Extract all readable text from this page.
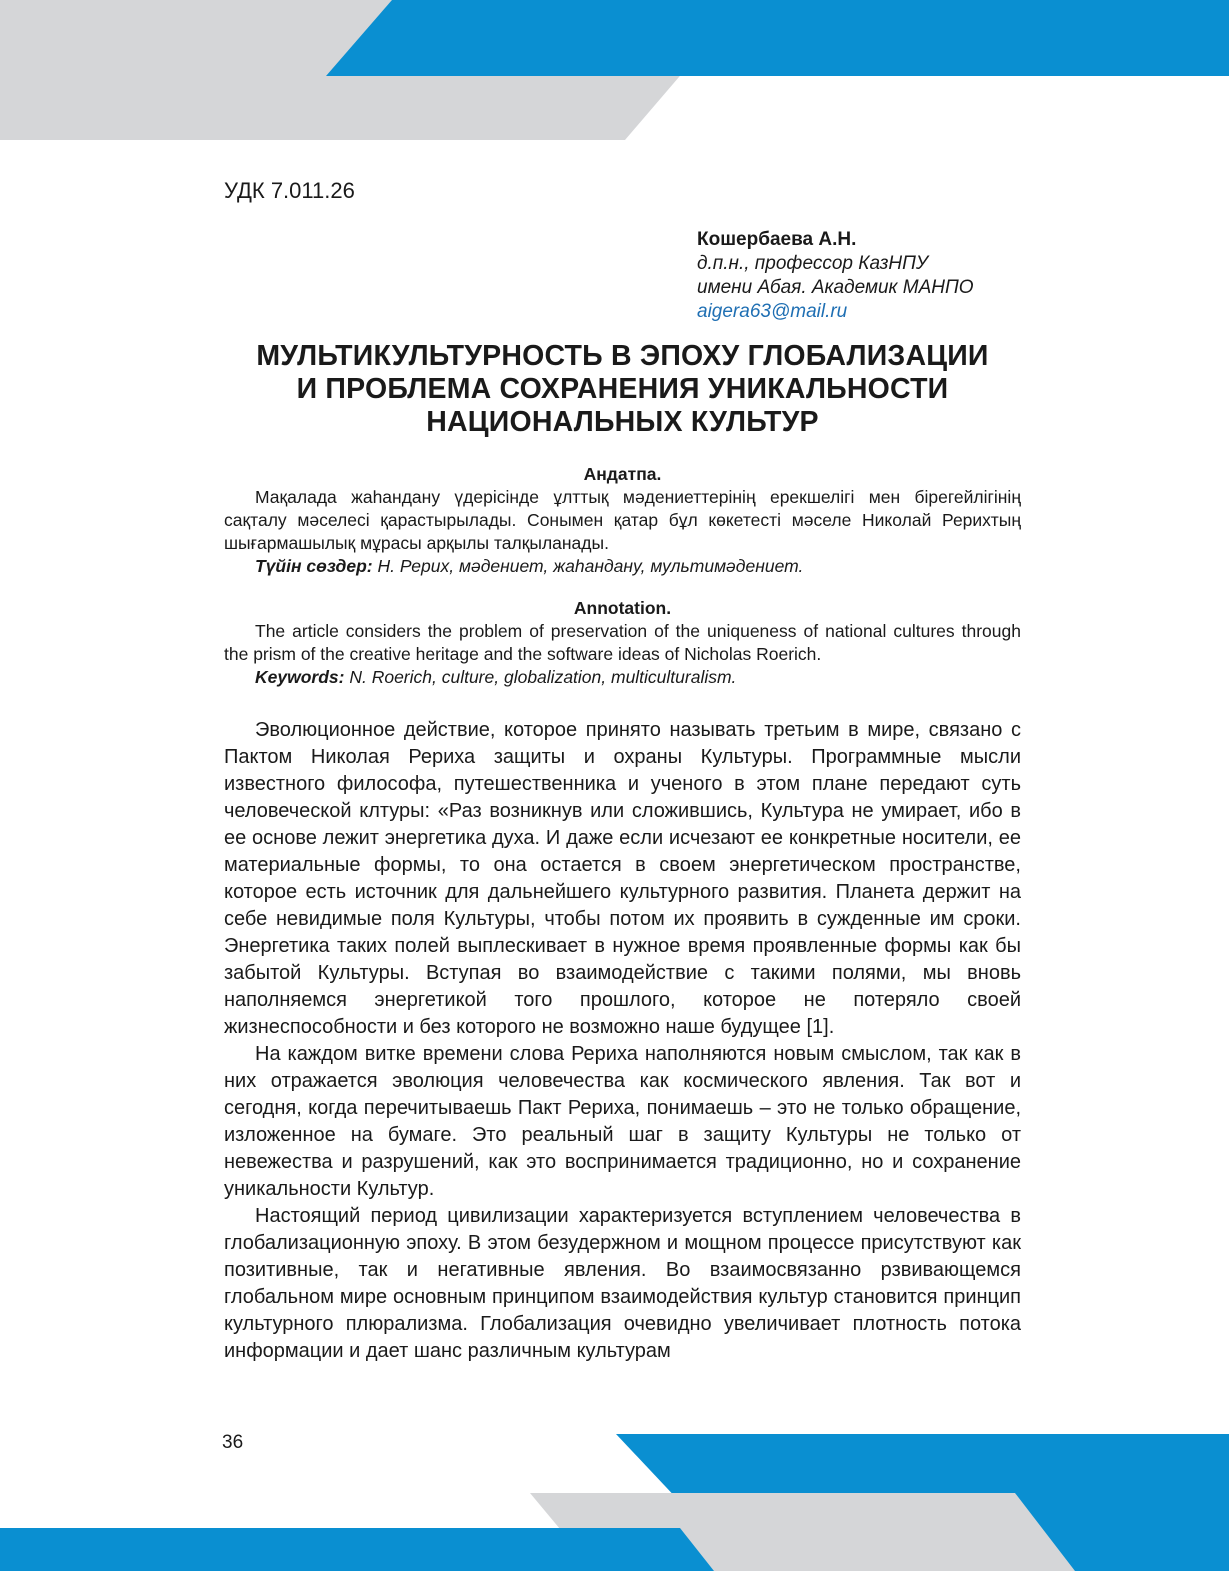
УДК 7.011.26
Кошербаева А.Н.
д.п.н., профессор КазНПУ
имени Абая. Академик МАНПО
aigera63@mail.ru
МУЛЬТИКУЛЬТУРНОСТЬ В ЭПОХУ ГЛОБАЛИЗАЦИИ
И ПРОБЛЕМА СОХРАНЕНИЯ УНИКАЛЬНОСТИ
НАЦИОНАЛЬНЫХ КУЛЬТУР
Андатпа.

Мақалада жаһандану үдерісінде ұлттық мәдениеттерінің ерекшелігі мен бірегейлігінің сақталу мәселесі қарастырылады. Сонымен қатар бұл көкетесті мәселе Николай Рерихтың шығармашылық мұрасы арқылы талқыланады.

Түйін сөздер: Н. Рерих, мәдениет, жаһандану, мультимәдениет.

Annotation.

The article considers the problem of preservation of the uniqueness of national cultures through the prism of the creative heritage and the software ideas of Nicholas Roerich.

Keywords: N. Roerich, culture, globalization, multiculturalism.

Эволюционное действие, которое принято называть третьим в мире, связано с Пактом Николая Рериха защиты и охраны Культуры. Программные мысли известного философа, путешественника и ученого в этом плане передают суть человеческой клтуры: «Раз возникнув или сложившись, Культура не умирает, ибо в ее основе лежит энергетика духа. И даже если исчезают ее конкретные носители, ее материальные формы, то она остается в своем энергетическом пространстве, которое есть источник для дальнейшего культурного развития. Планета держит на себе невидимые поля Культуры, чтобы потом их проявить в сужденные им сроки. Энергетика таких полей выплескивает в нужное время проявленные формы как бы забытой Культуры. Вступая во взаимодействие с такими полями, мы вновь наполняемся энергетикой того прошлого, которое не потеряло своей жизнеспособности и без которого не возможно наше будущее [1].

На каждом витке времени слова Рериха наполняются новым смыслом, так как в них отражается эволюция человечества как космического явления. Так вот и сегодня, когда перечитываешь Пакт Рериха, понимаешь – это не только обращение, изложенное на бумаге. Это реальный шаг в защиту Культуры не только от невежества и разрушений, как это воспринимается традиционно, но и сохранение уникальности Культур.

Настоящий период цивилизации характеризуется вступлением человечества в глобализационную эпоху. В этом безудержном и мощном процессе присутствуют как позитивные, так и негативные явления. Во взаимосвязанно рзвивающемся глобальном мире основным принципом взаимодействия культур становится принцип культурного плюрализма. Глобализация очевидно увеличивает плотность потока информации и дает шанс различным культурам

36
